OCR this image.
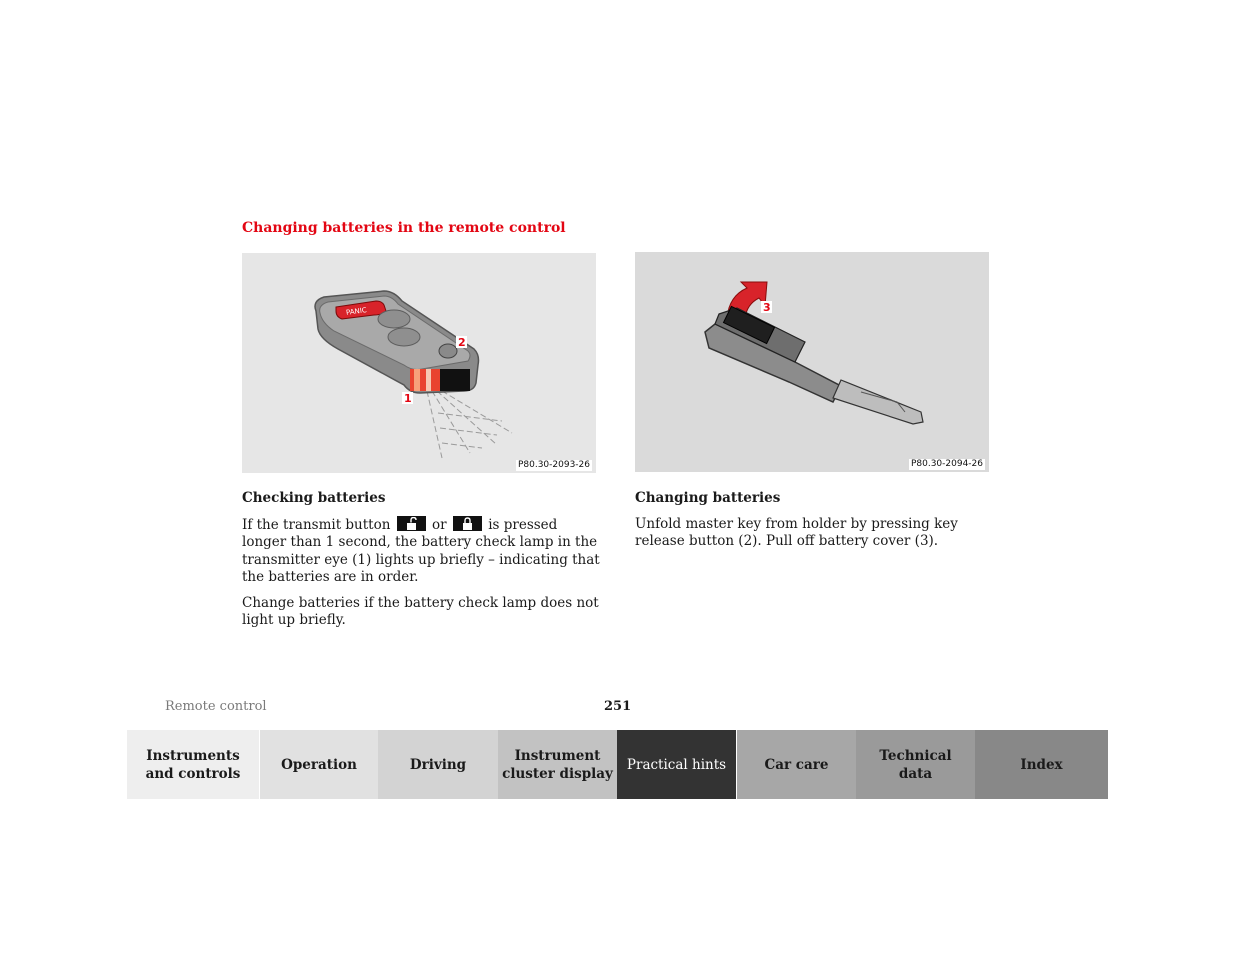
Changing batteries in the remote control
PANIC
2
1
P80.30-2093-26
3
P80.30-2094-26
Checking batteries

If the transmit button	or	is pressed longer than 1 second, the battery check lamp in the transmitter eye (1) lights up briefly – indicating that the batteries are in order.

Change batteries if the battery check lamp does not light up briefly.

Changing batteries

Unfold master key from holder by pressing key release button (2). Pull off battery cover (3).

Remote control	251
Instruments
and controls
Operation	Driving
Instrument
cluster display
Practical hints	Car care
Technical
data
Index
